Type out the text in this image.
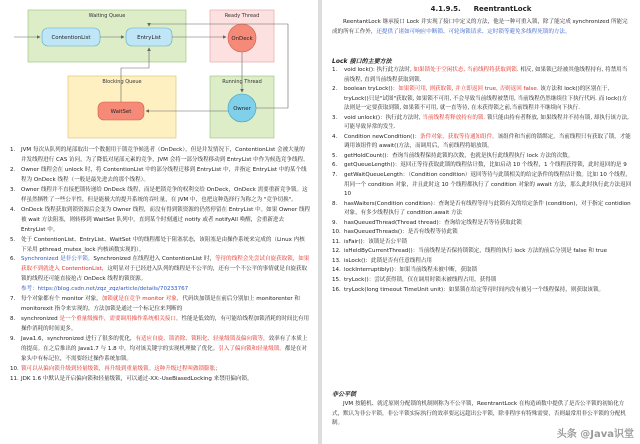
Waiting Queue
ContentionList	EntryList
Ready Thread
OnDeck
Blocking Queue
WaitSet
Running Thread
Owner
1.	JVM 每次从队列的尾部取出一个数据用于锁竞争候选者（OnDeck），但是并发情况下，ContentionList 会被大量的并发线程进行 CAS 访问，为了降低对尾部元素的竞争，JVM 会将一部分线程移动到 EntryList 中作为候选竞争线程。
2.	Owner 线程会在 unlock 时，将 ContentionList 中的部分线程迁移到 EntryList 中，并指定 EntryList 中的某个线程为 OnDeck 线程（一般是最先进去的那个线程）。
3.	Owner 线程并不直接把锁传递给 OnDeck 线程，而是把锁竞争的权利交给 OnDeck，OnDeck 需要重新竞争锁。这样虽然牺牲了一些公平性，但是能极大的提升系统的吞吐量，在 JVM 中，也把这种选择行为称之为 "竞争切换"。
4.	OnDeck 线程获取到锁资源后会变为 Owner 线程，而没有得到锁资源的仍然停留在 EntryList 中。如果 Owner 线程被 wait 方法阻塞，则转移到 WaitSet 队列中，直到某个时刻通过 notify 或者 notifyAll 唤醒，会重新进去 EntryList 中。
5.	处于 ContentionList、EntryList、WaitSet 中的线程都处于阻塞状态，该阻塞是由操作系统来完成的（Linux 内核下采用 pthread_mutex_lock 内核函数实现的）。
6.	Synchronized 是非公平锁。Synchronized 在线程进入 ContentionList 时，等待的线程会先尝试自旋获取锁，如果获取不到就进入 ContentionList，这明显对于已经进入队列的线程是不公平的，还有一个不公平的事情就是自旋获取锁的线程还可能直接抢占 OnDeck 线程的锁资源。
参考：https://blog.csdn.net/zqz_zqz/article/details/70233767
7.	每个对象都有个 monitor 对象，加锁就是在竞争 monitor 对象，代码块加锁是在前后分别加上 monitorenter 和 monitorexit 指令来实现的，方法加锁是通过一个标记位来判断的
8.	synchronized 是一个重量级操作，需要调用操作系统相关接口，性能是低效的，有可能给线程加锁消耗的时间比有用操作消耗的时间更多。
9.	Java1.6，synchronized 进行了很多的优化，有适应自旋、锁消除、锁粗化、轻量级锁及偏向锁等，效率有了本质上的提高。在之后推出的 Java1.7 与 1.8 中，均对该关键字的实现机理做了优化。引入了偏向锁和轻量级锁。都是在对象头中有标记位，不需要经过操作系统加锁。
10. 锁可以从偏向锁升级到轻量级锁，再升级到重量级锁。这种升级过程叫做锁膨胀；
11. JDK 1.6 中默认是开启偏向锁和轻量级锁，可以通过-XX:-UseBiasedLocking 来禁用偏向锁。
4.1.9.5. ReentrantLock
ReentantLock 继承接口 Lock 并实现了接口中定义的方法，他是一种可重入锁，除了能完成 synchronized 所能完成的所有工作外，还提供了诸如可响应中断锁、可轮询锁请求、定时锁等避免多线程死锁的方法。
Lock 接口的主要方法
1.	void lock(): 执行此方法时, 如果锁处于空闲状态, 当前线程将获取到锁. 相反, 如果锁已经被其他线程持有, 将禁用当前线程, 直到当前线程获取到锁.
2.	boolean tryLock()：如果锁可用, 则获取锁, 并立即返回 true, 否则返回 false. 该方法和 lock()的区别在于, tryLock()只是"试图"获取锁, 如果锁不可用, 不会导致当前线程被禁用, 当前线程仍然继续往下执行代码. 而 lock()方法则是一定要获取到锁, 如果锁不可用, 就一直等待, 在未获得锁之前,当前线程并不继续向下执行.
3.	void unlock()：执行此方法时, 当前线程将释放持有的锁. 锁只能由持有者释放, 如果线程并不持有锁, 却执行该方法, 可能导致异常的发生.
4.	Condition newCondition()：条件对象，获取等待通知组件。该组件和当前的锁绑定，当前线程只有获取了锁，才能调用该组件的 await()方法，而调用后，当前线程将缩放锁。
5.	getHoldCount()：查询当前线程保持此锁的次数，也就是执行此线程执行 lock 方法的次数。
6.	getQueueLength()：返回正等待获取此锁的线程估计数，比如启动 10 个线程，1 个线程获得锁，此时返回的是 9
7.	getWaitQueueLength：（Condition condition）返回等待与此锁相关的给定条件的线程估计数。比如 10 个线程，用同一个 condition 对象，并且此时这 10 个线程都执行了 condition 对象的 await 方法，那么此时执行此方法返回 10
8.	hasWaiters(Condition condition)：查询是否有线程等待与此锁有关的给定条件 (condition)，对于指定 contidion 对象，有多少线程执行了 condition.await 方法
9.	hasQueuedThread(Thread thread)：查询给定线程是否等待获取此锁
10. hasQueuedThreads()：是否有线程等待此锁
11. isFair()：该锁是否公平锁
12. isHeldByCurrentThread()：当前线程是否保持锁锁定，线程的执行 lock 方法的前后分别是 false 和 true
13. isLock()：此锁是否有任意线程占用
14. lockInterruptibly()：如果当前线程未被中断，获取锁
15. tryLock()：尝试获得锁，仅在调用时锁未被线程占用，获得锁
16. tryLock(long timeout TimeUnit unit)：如果锁在给定等待时间内没有被另一个线程保持，则获取该锁。
非公平锁
JVM 按随机、就近原则分配锁的机制则称为不公平锁，ReentrantLock 在构造函数中提供了是否公平锁的初始化方式，默认为非公平锁。非公平锁实际执行的效率要远远超出公平锁，除非程序有特殊需要，否则最常用非公平锁的分配机制。
头条 @Java识堂
